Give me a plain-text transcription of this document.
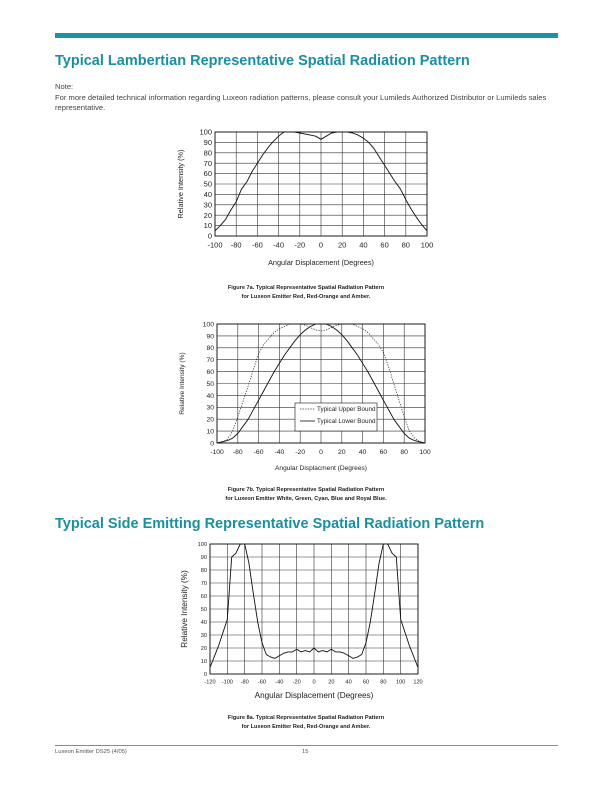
Typical Lambertian Representative Spatial Radiation Pattern

Note:

For more detailed technical information regarding Luxeon radiation patterns, please consult your Lumileds Authorized Distributor or Lumileds sales representative.

-100 -80 -60 -40 -20 0 20 40 60 80 100
0
10
20
30
40
50
60
70
80
90
100
Angular Displacement (Degrees)
Relative Intensity (%)
Figure 7a. Typical Representative Spatial Radiation Pattern
for Luxeon Emitter Red, Red-Orange and Amber.
-100 -80 -60 -40 -20 0 20 40 60 80 100
0
10
20
30
40
50
60
70
80
90
100
Angular Displacment (Degrees)
Relative Intensity (%)	Typical Upper Bound
Typical Lower Bound
Figure 7b. Typical Representative Spatial Radiation Pattern
for Luxeon Emitter White, Green, Cyan, Blue and Royal Blue.
Typical Side Emitting Representative Spatial Radiation Pattern
-120 -100 -80 -60 -40 -20 0 20 40 60 80 100 120
0
10
20
30
40
50
60
70
80
90
100
Angular Displacement (Degrees)
Relative Intensity (%)
Figure 8a. Typical Representative Spatial Radiation Pattern
for Luxeon Emitter Red, Red-Orange and Amber.
Luxeon Emitter DS25 (4/05)	15
